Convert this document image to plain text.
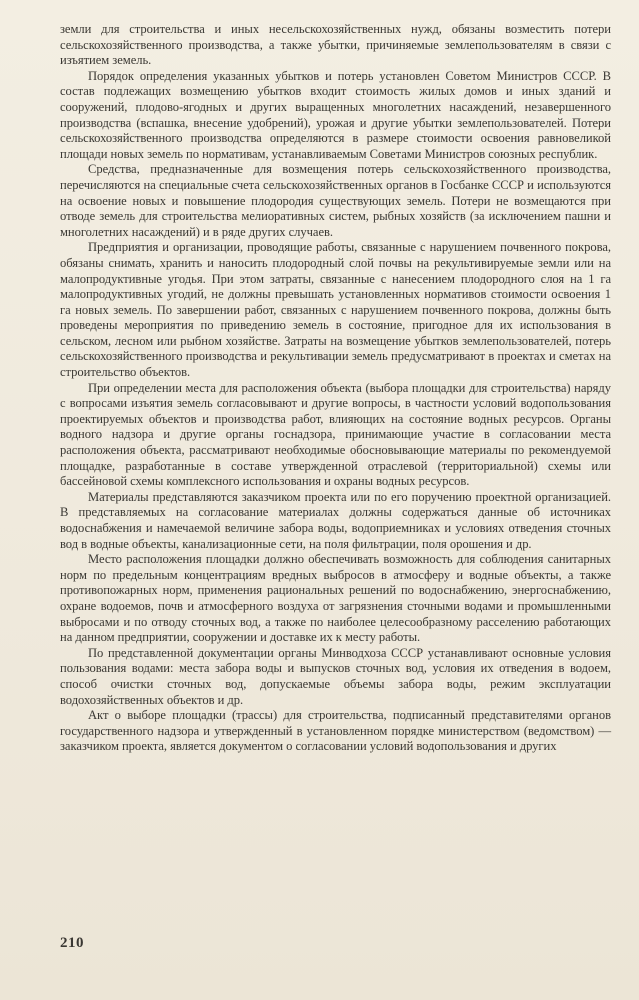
земли для строительства и иных несельскохозяйственных нужд, обязаны возместить потери сельскохозяйственного производства, а также убытки, причиняемые землепользователям в связи с изъятием земель.

Порядок определения указанных убытков и потерь установлен Советом Министров СССР. В состав подлежащих возмещению убытков входит стоимость жилых домов и иных зданий и сооружений, плодово-ягодных и других выращенных многолетних насаждений, незавершенного производства (вспашка, внесение удобрений), урожая и другие убытки землепользователей. Потери сельскохозяйственного производства определяются в размере стоимости освоения равновеликой площади новых земель по нормативам, устанавливаемым Советами Министров союзных республик.

Средства, предназначенные для возмещения потерь сельскохозяйственного производства, перечисляются на специальные счета сельскохозяйственных органов в Госбанке СССР и используются на освоение новых и повышение плодородия существующих земель. Потери не возмещаются при отводе земель для строительства мелиоративных систем, рыбных хозяйств (за исключением пашни и многолетних насаждений) и в ряде других случаев.

Предприятия и организации, проводящие работы, связанные с нарушением почвенного покрова, обязаны снимать, хранить и наносить плодородный слой почвы на рекультивируемые земли или на малопродуктивные угодья. При этом затраты, связанные с нанесением плодородного слоя на 1 га малопродуктивных угодий, не должны превышать установленных нормативов стоимости освоения 1 га новых земель. По завершении работ, связанных с нарушением почвенного покрова, должны быть проведены мероприятия по приведению земель в состояние, пригодное для их использования в сельском, лесном или рыбном хозяйстве. Затраты на возмещение убытков землепользователей, потерь сельскохозяйственного производства и рекультивации земель предусматривают в проектах и сметах на строительство объектов.

При определении места для расположения объекта (выбора площадки для строительства) наряду с вопросами изъятия земель согласовывают и другие вопросы, в частности условий водопользования проектируемых объектов и производства работ, влияющих на состояние водных ресурсов. Органы водного надзора и другие органы госнадзора, принимающие участие в согласовании места расположения объекта, рассматривают необходимые обосновывающие материалы по рекомендуемой площадке, разработанные в составе утвержденной отраслевой (территориальной) схемы или бассейновой схемы комплексного использования и охраны водных ресурсов.

Материалы представляются заказчиком проекта или по его поручению проектной организацией. В представляемых на согласование материалах должны содержаться данные об источниках водоснабжения и намечаемой величине забора воды, водоприемниках и условиях отведения сточных вод в водные объекты, канализационные сети, на поля фильтрации, поля орошения и др.

Место расположения площадки должно обеспечивать возможность для соблюдения санитарных норм по предельным концентрациям вредных выбросов в атмосферу и водные объекты, а также противопожарных норм, применения рациональных решений по водоснабжению, энергоснабжению, охране водоемов, почв и атмосферного воздуха от загрязнения сточными водами и промышленными выбросами и по отводу сточных вод, а также по наиболее целесообразному расселению работающих на данном предприятии, сооружении и доставке их к месту работы.

По представленной документации органы Минводхоза СССР устанавливают основные условия пользования водами: места забора воды и выпусков сточных вод, условия их отведения в водоем, способ очистки сточных вод, допускаемые объемы забора воды, режим эксплуатации водохозяйственных объектов и др.

Акт о выборе площадки (трассы) для строительства, подписанный представителями органов государственного надзора и утвержденный в установленном порядке министерством (ведомством) — заказчиком проекта, является документом о согласовании условий водопользования и других

210
